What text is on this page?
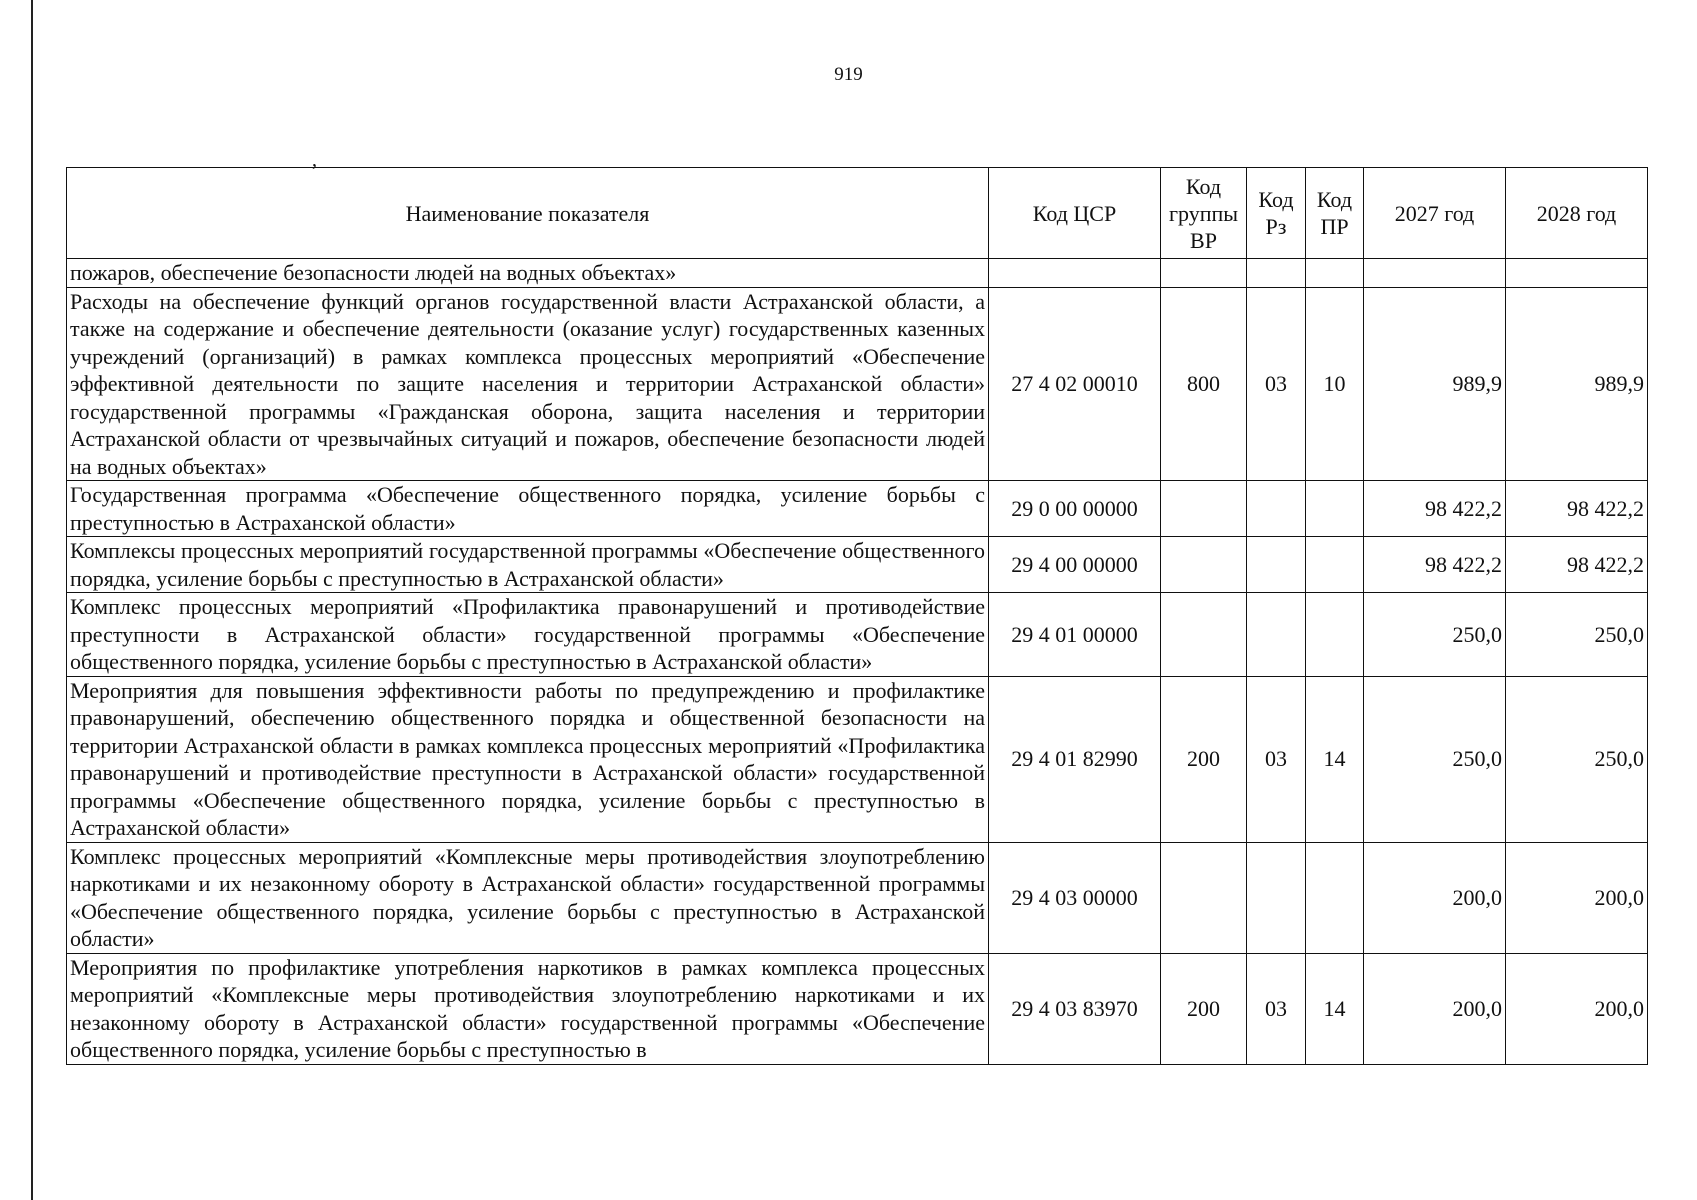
919
,
Наименование показателя	Код ЦСР	Код группы ВР	Код Рз	Код ПР	2027 год	2028 год
пожаров, обеспечение безопасности людей на водных объектах»						
Расходы на обеспечение функций органов государственной власти Астраханской области, а также на содержание и обеспечение деятельности (оказание услуг) государственных казенных учреждений (организаций) в рамках комплекса процессных мероприятий «Обеспечение эффективной деятельности по защите населения и территории Астраханской области» государственной программы «Гражданская оборона, защита населения и территории Астраханской области от чрезвычайных ситуаций и пожаров, обеспечение безопасности людей на водных объектах»	27 4 02 00010	800	03	10	989,9	989,9
Государственная программа «Обеспечение общественного порядка, усиление борьбы с преступностью в Астраханской области»	29 0 00 00000				98 422,2	98 422,2
Комплексы процессных мероприятий государственной программы «Обеспечение общественного порядка, усиление борьбы с преступностью в Астраханской области»	29 4 00 00000				98 422,2	98 422,2
Комплекс процессных мероприятий «Профилактика правонарушений и противодействие преступности в Астраханской области» государственной программы «Обеспечение общественного порядка, усиление борьбы с преступностью в Астраханской области»	29 4 01 00000				250,0	250,0
Мероприятия для повышения эффективности работы по предупреждению и профилактике правонарушений, обеспечению общественного порядка и общественной безопасности на территории Астраханской области в рамках комплекса процессных мероприятий «Профилактика правонарушений и противодействие преступности в Астраханской области» государственной программы «Обеспечение общественного порядка, усиление борьбы с преступностью в Астраханской области»	29 4 01 82990	200	03	14	250,0	250,0
Комплекс процессных мероприятий «Комплексные меры противодействия злоупотреблению наркотиками и их незаконному обороту в Астраханской области» государственной программы «Обеспечение общественного порядка, усиление борьбы с преступностью в Астраханской области»	29 4 03 00000				200,0	200,0
Мероприятия по профилактике употребления наркотиков в рамках комплекса процессных мероприятий «Комплексные меры противодействия злоупотреблению наркотиками и их незаконному обороту в Астраханской области» государственной программы «Обеспечение общественного порядка, усиление борьбы с преступностью в	29 4 03 83970	200	03	14	200,0	200,0
